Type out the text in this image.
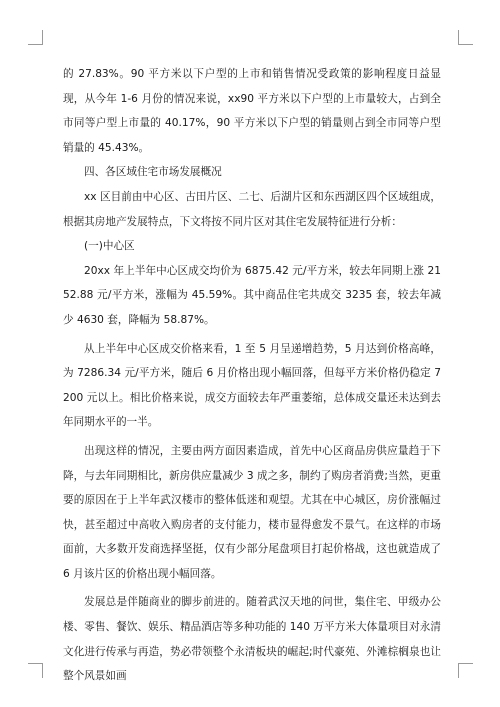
的 27.83%。90 平方米以下户型的上市和销售情况受政策的影响程度日益显现，从今年 1-6 月份的情况来说，xx90 平方米以下户型的上市量较大，占到全市同等户型上市量的 40.17%，90 平方米以下户型的销量则占到全市同等户型销量的 45.43%。

四、各区域住宅市场发展概况

xx 区目前由中心区、古田片区、二七、后湖片区和东西湖区四个区域组成，根据其房地产发展特点，下文将按不同片区对其住宅发展特征进行分析：

(一)中心区

20xx 年上半年中心区成交均价为 6875.42 元/平方米，较去年同期上涨 2152.88 元/平方米，涨幅为 45.59%。其中商品住宅共成交 3235 套，较去年减少 4630 套，降幅为 58.87%。

从上半年中心区成交价格来看，1 至 5 月呈递增趋势，5 月达到价格高峰，为 7286.34 元/平方米，随后 6 月价格出现小幅回落，但每平方米价格仍稳定 7200 元以上。相比价格来说，成交方面较去年严重萎缩，总体成交量还未达到去年同期水平的一半。

出现这样的情况，主要由两方面因素造成，首先中心区商品房供应量趋于下降，与去年同期相比，新房供应量减少 3 成之多，制约了购房者消费;当然，更重要的原因在于上半年武汉楼市的整体低迷和观望。尤其在中心城区，房价涨幅过快，甚至超过中高收入购房者的支付能力，楼市显得愈发不景气。在这样的市场面前，大多数开发商选择坚挺，仅有少部分尾盘项目打起价格战，这也就造成了 6 月该片区的价格出现小幅回落。

发展总是伴随商业的脚步前进的。随着武汉天地的问世，集住宅、甲级办公楼、零售、餐饮、娱乐、精品酒店等多种功能的 140 万平方米大体量项目对永清文化进行传承与再造，势必带领整个永清板块的崛起;时代豪苑、外滩棕榈泉也让整个风景如画
